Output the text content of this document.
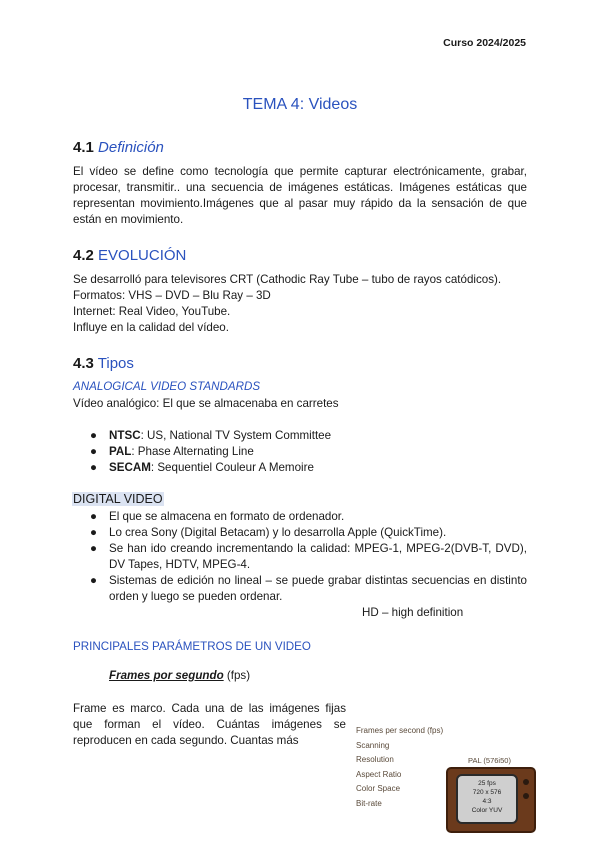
Curso 2024/2025
TEMA 4: Videos
4.1 Definición
El vídeo se define como tecnología que permite capturar electrónicamente, grabar, procesar, transmitir.. una secuencia de imágenes estáticas. Imágenes estáticas que representan movimiento.Imágenes que al pasar muy rápido da la sensación de que están en movimiento.
4.2 EVOLUCIÓN
Se desarrolló para televisores CRT (Cathodic Ray Tube – tubo de rayos catódicos).
Formatos: VHS – DVD – Blu Ray – 3D
Internet: Real Video, YouTube.
Influye en la calidad del vídeo.
4.3 Tipos
ANALOGICAL VIDEO STANDARDS
Vídeo analógico: El que se almacenaba en carretes
● NTSC: US, National TV System Committee
● PAL: Phase Alternating Line
● SECAM: Sequentiel Couleur A Memoire
DIGITAL VIDEO
● El que se almacena en formato de ordenador.
● Lo crea Sony (Digital Betacam) y lo desarrolla Apple (QuickTime).
● Se han ido creando incrementando la calidad: MPEG-1, MPEG-2(DVB-T, DVD), DV Tapes, HDTV, MPEG-4.
● Sistemas de edición no lineal – se puede grabar distintas secuencias en distinto orden y luego se pueden ordenar.
HD – high definition
PRINCIPALES PARÁMETROS DE UN VIDEO
Frames por segundo (fps)
Frame es marco. Cada una de las imágenes fijas que forman el vídeo. Cuántas imágenes se reproducen en cada segundo. Cuantas más
Frames per second (fps)
Scanning
Resolution
Aspect Ratio
Color Space
Bit-rate
PAL (576i50)
25 fps
720 x 576
4:3
Color YUV
